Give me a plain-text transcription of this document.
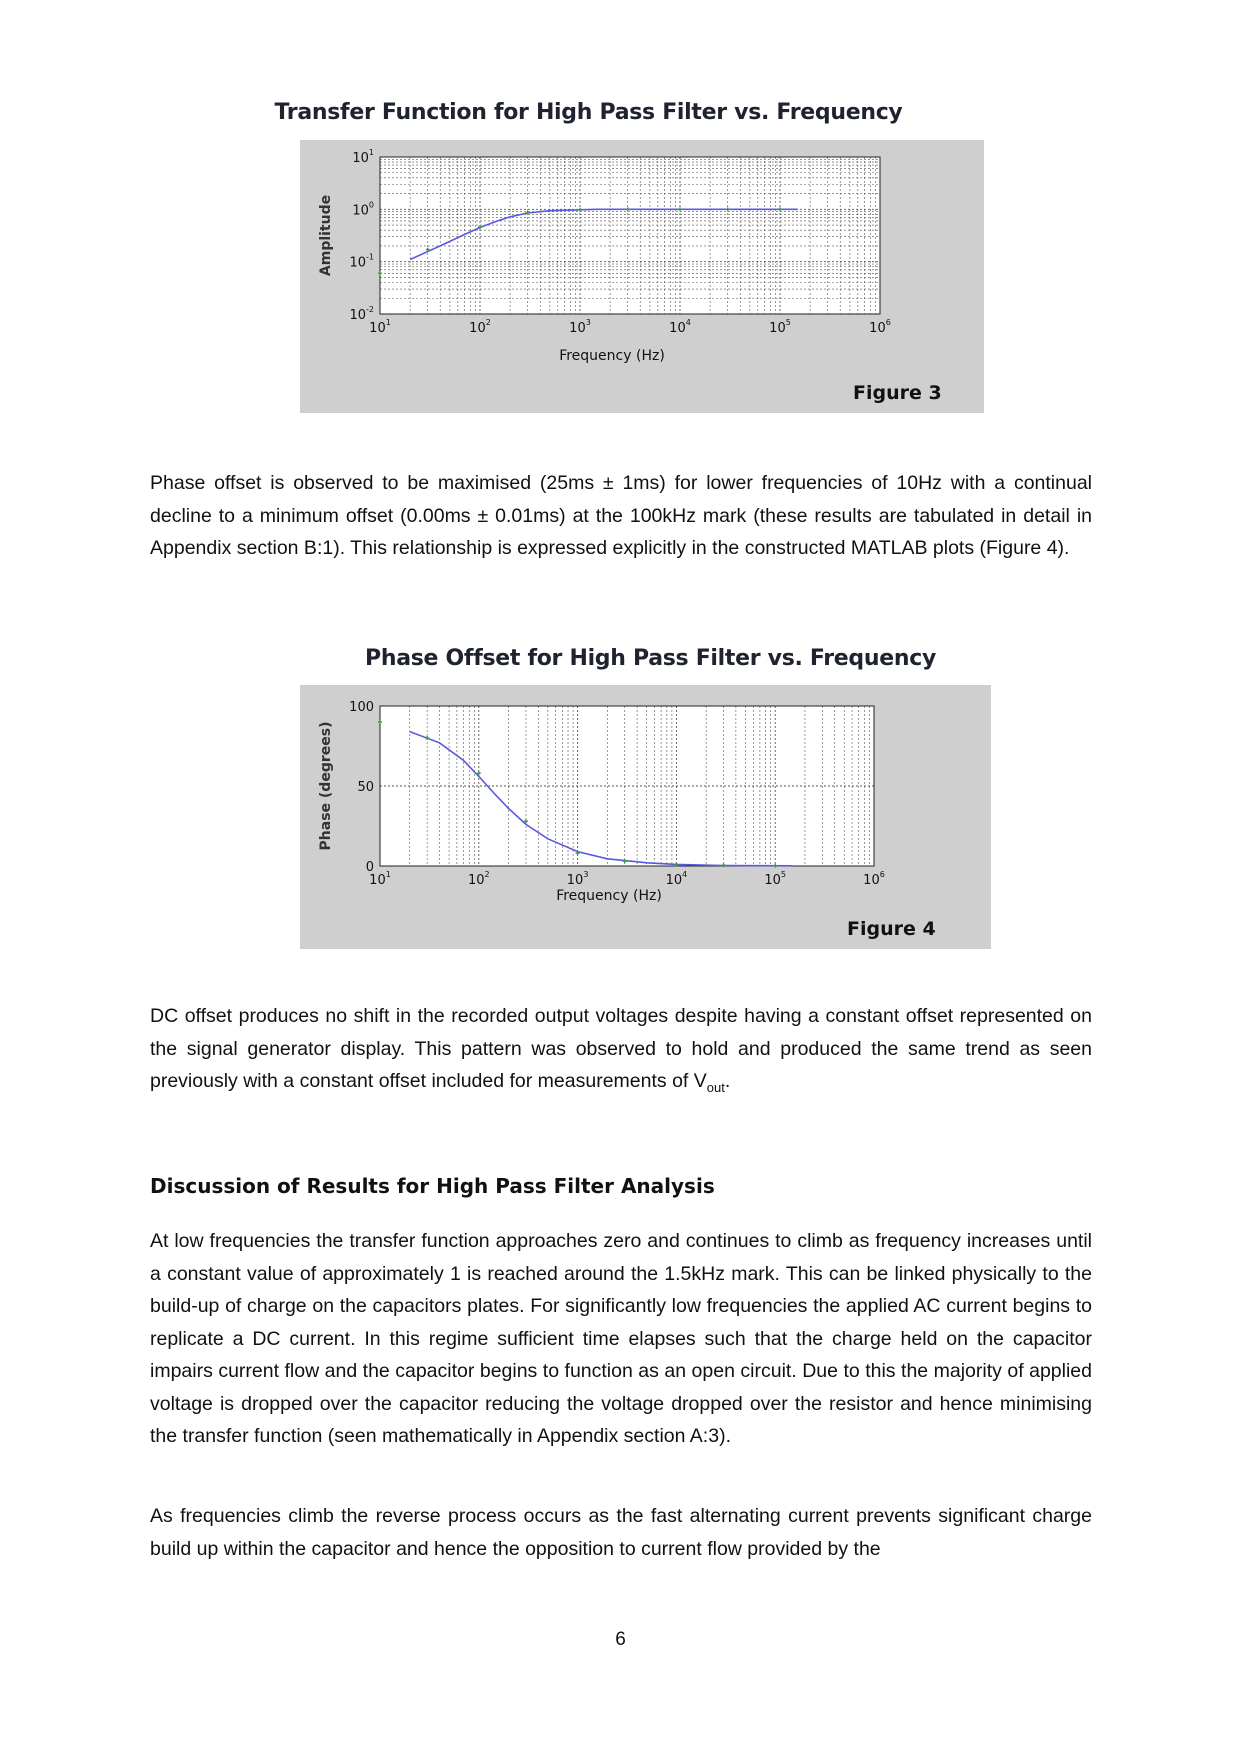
Transfer Function for High Pass Filter vs. Frequency
$10^1$	$10^2$	$10^3$	$10^4$	$10^5$	$10^6$
$10^{-2}$
$10^{-1}$
$10^0$
$10^1$
Frequency (Hz)
Amplitude
Figure 3

Phase offset is observed to be maximised (25ms ± 1ms) for lower frequencies of 10Hz with a continual decline to a minimum offset (0.00ms ± 0.01ms) at the 100kHz mark (these results are tabulated in detail in Appendix section B:1). This relationship is expressed explicitly in the constructed MATLAB plots (Figure 4).

Phase Offset for High Pass Filter vs. Frequency
$10^1$	$10^2$	$10^3$	$10^4$	$10^5$	$10^6$
0
50
100
Frequency (Hz)
Phase (degrees)
Figure 4

DC offset produces no shift in the recorded output voltages despite having a constant offset represented on the signal generator display. This pattern was observed to hold and produced the same trend as seen previously with a constant offset included for measurements of $V_{out}$.

Discussion of Results for High Pass Filter Analysis

At low frequencies the transfer function approaches zero and continues to climb as frequency increases until a constant value of approximately 1 is reached around the 1.5kHz mark. This can be linked physically to the build-up of charge on the capacitors plates. For significantly low frequencies the applied AC current begins to replicate a DC current. In this regime sufficient time elapses such that the charge held on the capacitor impairs current flow and the capacitor begins to function as an open circuit. Due to this the majority of applied voltage is dropped over the capacitor reducing the voltage dropped over the resistor and hence minimising the transfer function (seen mathematically in Appendix section A:3).

As frequencies climb the reverse process occurs as the fast alternating current prevents significant charge build up within the capacitor and hence the opposition to current flow provided by the

6
